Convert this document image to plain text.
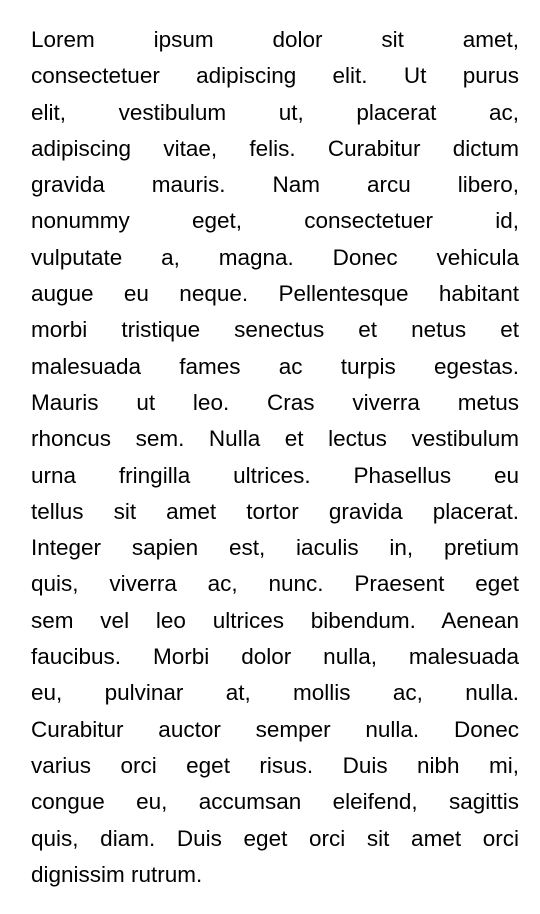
Lorem ipsum dolor sit amet,
consectetuer adipiscing elit. Ut purus
elit, vestibulum ut, placerat ac,
adipiscing vitae, felis. Curabitur dictum
gravida mauris. Nam arcu libero,
nonummy eget, consectetuer id,
vulputate a, magna. Donec vehicula
augue eu neque. Pellentesque habitant
morbi tristique senectus et netus et
malesuada fames ac turpis egestas.
Mauris ut leo. Cras viverra metus
rhoncus sem. Nulla et lectus vestibulum
urna fringilla ultrices. Phasellus eu
tellus sit amet tortor gravida placerat.
Integer sapien est, iaculis in, pretium
quis, viverra ac, nunc. Praesent eget
sem vel leo ultrices bibendum. Aenean
faucibus. Morbi dolor nulla, malesuada
eu, pulvinar at, mollis ac, nulla.
Curabitur auctor semper nulla. Donec
varius orci eget risus. Duis nibh mi,
congue eu, accumsan eleifend, sagittis
quis, diam. Duis eget orci sit amet orci
dignissim rutrum.
